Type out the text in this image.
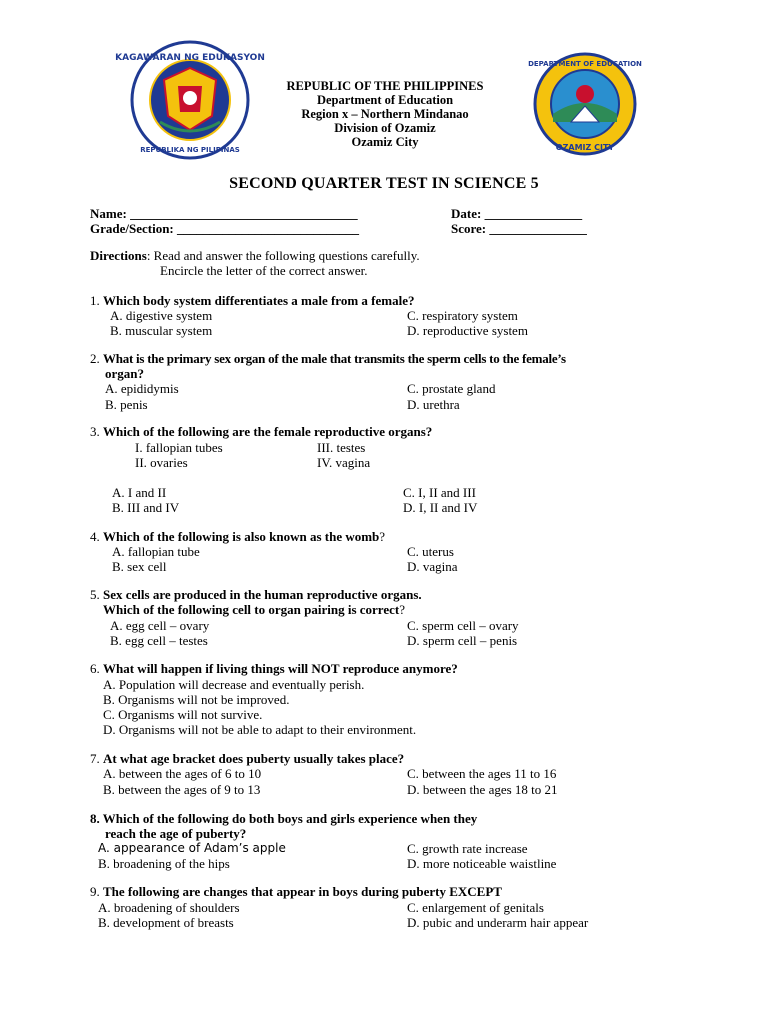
KAGAWARAN NG EDUKASYON
REPUBLIKA NG PILIPINAS
DEPARTMENT OF EDUCATION
OZAMIZ CITY
REPUBLIC OF THE PHILIPPINES
Department of Education
Region x – Northern Mindanao
Division of Ozamiz
Ozamiz City
SECOND QUARTER TEST IN SCIENCE 5
Name: ___________________________________	Date: _______________
Grade/Section: ____________________________	Score: _______________
Directions: Read and answer the following questions carefully.
Encircle the letter of the correct answer.
1. Which body system differentiates a male from a female?
A. digestive system
B. muscular system
C. respiratory system
D. reproductive system
2. What is the primary sex organ of the male that transmits the sperm cells to the female’s
organ?
A. epididymis
B. penis
C. prostate gland
D. urethra
3. Which of the following are the female reproductive organs?
I. fallopian tubes
II. ovaries
III. testes
IV. vagina
A. I and II
B. III and IV
C. I, II and III
D. I, II and IV
4. Which of the following is also known as the womb?
A. fallopian tube
B. sex cell
C. uterus
D. vagina
5. Sex cells are produced in the human reproductive organs.
Which of the following cell to organ pairing is correct?
A. egg cell – ovary
B. egg cell – testes
C. sperm cell – ovary
D. sperm cell – penis
6. What will happen if living things will NOT reproduce anymore?
A. Population will decrease and eventually perish.
B. Organisms will not be improved.
C. Organisms will not survive.
D. Organisms will not be able to adapt to their environment.
7. At what age bracket does puberty usually takes place?
A. between the ages of 6 to 10
B. between the ages of 9 to 13
C. between the ages 11 to 16
D. between the ages 18 to 21
8. Which of the following do both boys and girls experience when they
reach the age of puberty?
A. appearance of Adam’s apple
B. broadening of the hips
C. growth rate increase
D. more noticeable waistline
9. The following are changes that appear in boys during puberty EXCEPT
A. broadening of shoulders
B. development of breasts
C. enlargement of genitals
D. pubic and underarm hair appear
